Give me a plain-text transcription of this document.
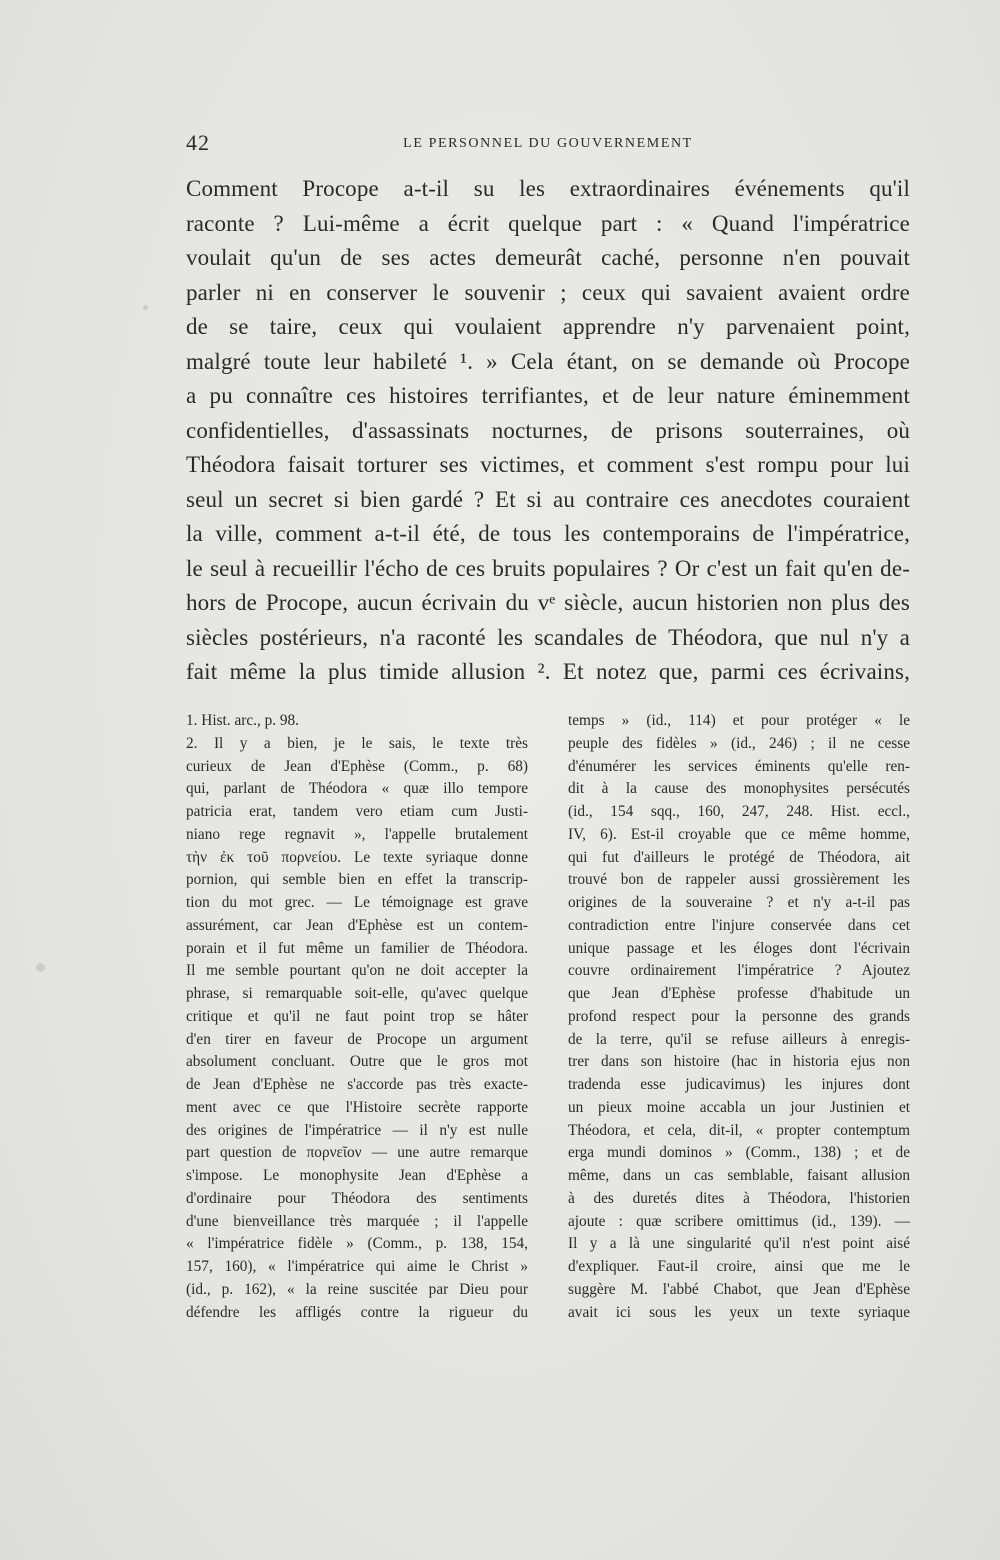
42	LE PERSONNEL DU GOUVERNEMENT
Comment Procope a-t-il su les extraordinaires événements qu'il
raconte ? Lui-même a écrit quelque part : « Quand l'impératrice
voulait qu'un de ses actes demeurât caché, personne n'en pouvait
parler ni en conserver le souvenir ; ceux qui savaient avaient ordre
de se taire, ceux qui voulaient apprendre n'y parvenaient point,
malgré toute leur habileté ¹. » Cela étant, on se demande où Procope
a pu connaître ces histoires terrifiantes, et de leur nature éminemment
confidentielles, d'assassinats nocturnes, de prisons souterraines, où
Théodora faisait torturer ses victimes, et comment s'est rompu pour lui
seul un secret si bien gardé ? Et si au contraire ces anecdotes couraient
la ville, comment a-t-il été, de tous les contemporains de l'impératrice,
le seul à recueillir l'écho de ces bruits populaires ? Or c'est un fait qu'en de-
hors de Procope, aucun écrivain du vᵉ siècle, aucun historien non plus des
siècles postérieurs, n'a raconté les scandales de Théodora, que nul n'y a
fait même la plus timide allusion ². Et notez que, parmi ces écrivains,
1. Hist. arc., p. 98.
2. Il y a bien, je le sais, le texte très
curieux de Jean d'Ephèse (Comm., p. 68)
qui, parlant de Théodora « quæ illo tempore
patricia erat, tandem vero etiam cum Justi-
niano rege regnavit », l'appelle brutalement
τὴν ἐκ τοῦ πορνείου. Le texte syriaque donne
pornion, qui semble bien en effet la transcrip-
tion du mot grec. — Le témoignage est grave
assurément, car Jean d'Ephèse est un contem-
porain et il fut même un familier de Théodora.
Il me semble pourtant qu'on ne doit accepter la
phrase, si remarquable soit-elle, qu'avec quelque
critique et qu'il ne faut point trop se hâter
d'en tirer en faveur de Procope un argument
absolument concluant. Outre que le gros mot
de Jean d'Ephèse ne s'accorde pas très exacte-
ment avec ce que l'Histoire secrète rapporte
des origines de l'impératrice — il n'y est nulle
part question de πορνεῖον — une autre remarque
s'impose. Le monophysite Jean d'Ephèse a
d'ordinaire pour Théodora des sentiments
d'une bienveillance très marquée ; il l'appelle
« l'impératrice fidèle » (Comm., p. 138, 154,
157, 160), « l'impératrice qui aime le Christ »
(id., p. 162), « la reine suscitée par Dieu pour
défendre les affligés contre la rigueur du
temps » (id., 114) et pour protéger « le
peuple des fidèles » (id., 246) ; il ne cesse
d'énumérer les services éminents qu'elle ren-
dit à la cause des monophysites persécutés
(id., 154 sqq., 160, 247, 248. Hist. eccl.,
IV, 6). Est-il croyable que ce même homme,
qui fut d'ailleurs le protégé de Théodora, ait
trouvé bon de rappeler aussi grossièrement les
origines de la souveraine ? et n'y a-t-il pas
contradiction entre l'injure conservée dans cet
unique passage et les éloges dont l'écrivain
couvre ordinairement l'impératrice ? Ajoutez
que Jean d'Ephèse professe d'habitude un
profond respect pour la personne des grands
de la terre, qu'il se refuse ailleurs à enregis-
trer dans son histoire (hac in historia ejus non
tradenda esse judicavimus) les injures dont
un pieux moine accabla un jour Justinien et
Théodora, et cela, dit-il, « propter contemptum
erga mundi dominos » (Comm., 138) ; et de
même, dans un cas semblable, faisant allusion
à des duretés dites à Théodora, l'historien
ajoute : quæ scribere omittimus (id., 139). —
Il y a là une singularité qu'il n'est point aisé
d'expliquer. Faut-il croire, ainsi que me le
suggère M. l'abbé Chabot, que Jean d'Ephèse
avait ici sous les yeux un texte syriaque
